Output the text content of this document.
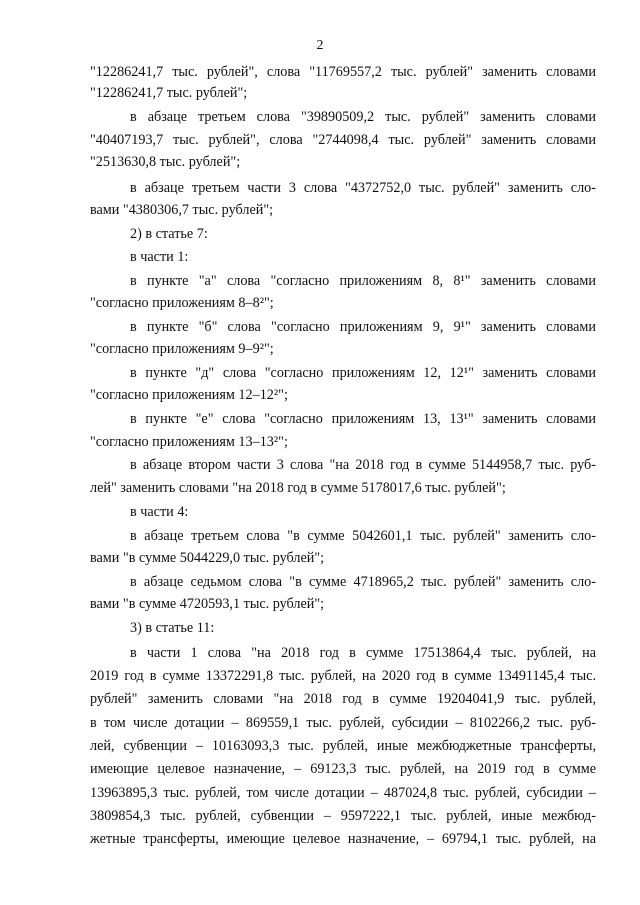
2
"12286241,7 тыс. рублей", слова "11769557,2 тыс. рублей" заменить словами
"12286241,7 тыс. рублей";
в абзаце третьем слова "39890509,2 тыс. рублей" заменить словами
"40407193,7 тыс. рублей", слова "2744098,4 тыс. рублей" заменить словами
"2513630,8 тыс. рублей";
в абзаце третьем части 3 слова "4372752,0 тыс. рублей" заменить сло-
вами "4380306,7 тыс. рублей";
2) в статье 7:
в части 1:
в пункте "а" слова "согласно приложениям 8, 8¹" заменить словами
"согласно приложениям 8–8²";
в пункте "б" слова "согласно приложениям 9, 9¹" заменить словами
"согласно приложениям 9–9²";
в пункте "д" слова "согласно приложениям 12, 12¹" заменить словами
"согласно приложениям 12–12²";
в пункте "е" слова "согласно приложениям 13, 13¹" заменить словами
"согласно приложениям 13–13²";
в абзаце втором части 3 слова "на 2018 год в сумме 5144958,7 тыс. руб-
лей" заменить словами "на 2018 год в сумме 5178017,6 тыс. рублей";
в части 4:
в абзаце третьем слова "в сумме 5042601,1 тыс. рублей" заменить сло-
вами "в сумме 5044229,0 тыс. рублей";
в абзаце седьмом слова "в сумме 4718965,2 тыс. рублей" заменить сло-
вами "в сумме 4720593,1 тыс. рублей";
3) в статье 11:
в части 1 слова "на 2018 год в сумме 17513864,4 тыс. рублей, на
2019 год в сумме 13372291,8 тыс. рублей, на 2020 год в сумме 13491145,4 тыс.
рублей" заменить словами "на 2018 год в сумме 19204041,9 тыс. рублей,
в том числе дотации – 869559,1 тыс. рублей, субсидии – 8102266,2 тыс. руб-
лей, субвенции – 10163093,3 тыс. рублей, иные межбюджетные трансферты,
имеющие целевое назначение, – 69123,3 тыс. рублей, на 2019 год в сумме
13963895,3 тыс. рублей, том числе дотации – 487024,8 тыс. рублей, субсидии –
3809854,3 тыс. рублей, субвенции – 9597222,1 тыс. рублей, иные межбюд-
жетные трансферты, имеющие целевое назначение, – 69794,1 тыс. рублей, на
